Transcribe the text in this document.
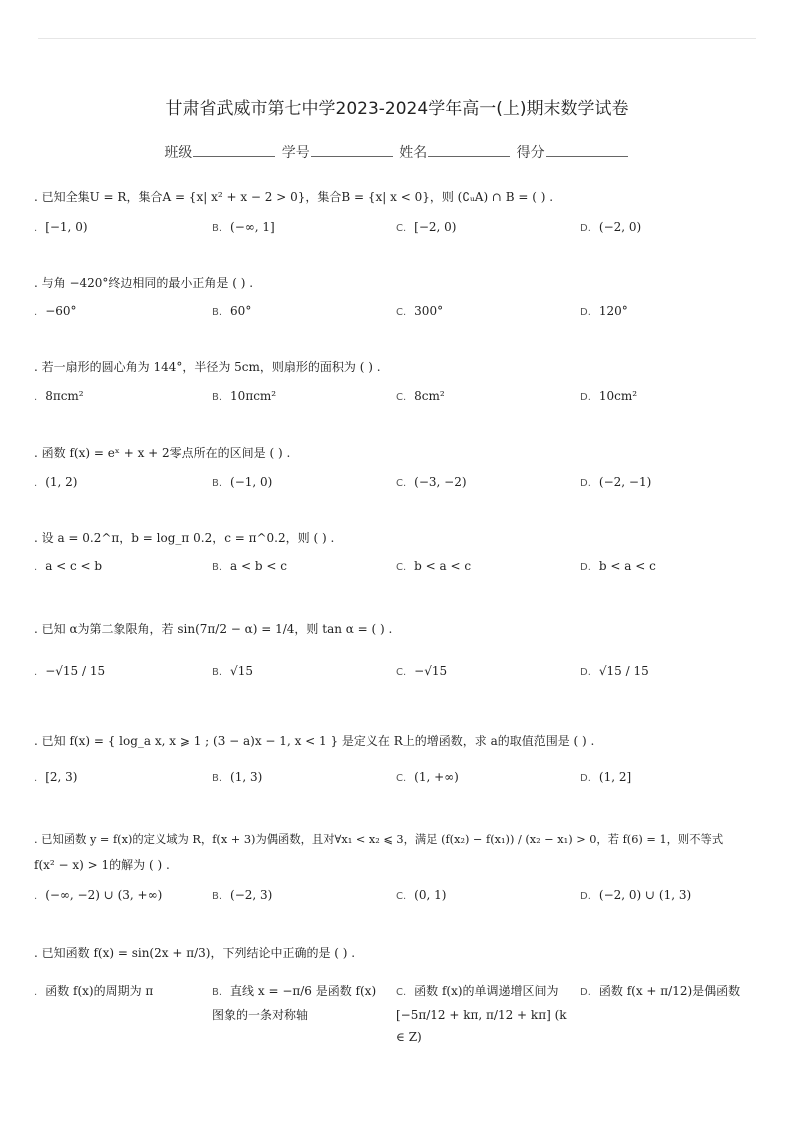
甘肃省武威市第七中学2023-2024学年高一(上)期末数学试卷
班级	学号	姓名	得分
. 已知全集U = R，集合A = {x| x² + x − 2 > 0}，集合B = {x| x < 0}，则 (∁ᵤA) ∩ B = ( ) .
. [−1, 0)	B. (−∞, 1]	C. [−2, 0)	D. (−2, 0)
. 与角 −420°终边相同的最小正角是 ( ) .
. −60°	B. 60°	C. 300°	D. 120°
. 若一扇形的圆心角为 144°，半径为 5cm，则扇形的面积为 ( ) .
. 8πcm²	B. 10πcm²	C. 8cm²	D. 10cm²
. 函数 f(x) = eˣ + x + 2零点所在的区间是 ( ) .
. (1, 2)	B. (−1, 0)	C. (−3, −2)	D. (−2, −1)
. 设 a = 0.2^π，b = log_π 0.2，c = π^0.2，则 ( ) .
. a < c < b	B. a < b < c	C. b < a < c	D. b < a < c
. 已知 α为第二象限角，若 sin(7π/2 − α) = 1/4，则 tan α = ( ) .
. −√15 / 15	B. √15	C. −√15	D. √15 / 15
. 已知 f(x) = { log_a x, x ⩾ 1 ; (3 − a)x − 1, x < 1 } 是定义在 R上的增函数，求 a的取值范围是 ( ) .
. [2, 3)	B. (1, 3)	C. (1, +∞)	D. (1, 2]
. 已知函数 y = f(x)的定义域为 R，f(x + 3)为偶函数，且对∀x₁ < x₂ ⩽ 3，满足 (f(x₂) − f(x₁)) / (x₂ − x₁) > 0，若 f(6) = 1，则不等式
f(x² − x) > 1的解为 ( ) .
. (−∞, −2) ∪ (3, +∞)	B. (−2, 3)	C. (0, 1)	D. (−2, 0) ∪ (1, 3)
. 已知函数 f(x) = sin(2x + π/3)，下列结论中正确的是 ( ) .
. 函数 f(x)的周期为 π	B. 直线 x = −π/6 是函数 f(x)图象的一条对称轴
C. 函数 f(x)的单调递增区间为 [−5π/12 + kπ, π/12 + kπ] (k ∈ Z)
D. 函数 f(x + π/12)是偶函数
